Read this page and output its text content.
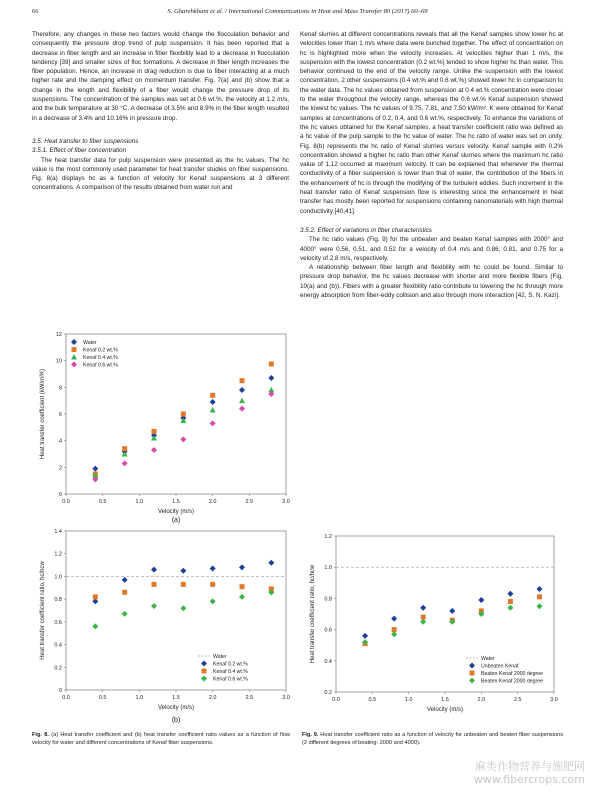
66	S. Gharehkhani et al. / International Communications in Heat and Mass Transfer 80 (2017) 60–69

Therefore, any changes in these two factors would change the flocculation behavior and consequently the pressure drop trend of pulp suspension. It has been reported that a decrease in fiber length and an increase in fiber flexibility lead to a decrease in flocculation tendency [39] and smaller sizes of floc formations. A decrease in fiber length increases the fiber population. Hence, an increase in drag reduction is due to fiber interacting at a much higher rate and the damping effect on momentum transfer. Fig. 7(a) and (b) show that a change in the length and flexibility of a fiber would change the pressure drop of its suspensions. The concentration of the samples was set at 0.6 wt.%, the velocity at 1.2 m/s, and the bulk temperature at 30 °C. A decrease of 3.5% and 8.9% in the fiber length resulted in a decrease of 3.4% and 10.16% in pressure drop.

3.5. Heat transfer to fiber suspensions

3.5.1. Effect of fiber concentration

The heat transfer data for pulp suspension were presented as the hc values. The hc value is the most commonly used parameter for heat transfer studies on fiber suspensions. Fig. 8(a) displays hc as a function of velocity for Kenaf suspensions at 3 different concentrations. A comparison of the results obtained from water run and

Kenaf slurries at different concentrations reveals that all the Kenaf samples show lower hc at velocities lower than 1 m/s where data were bunched together. The effect of concentration on hc is highlighted more when the velocity increases. At velocities higher than 1 m/s, the suspension with the lowest concentration (0.2 wt.%) tended to show higher hc than water. This behavior continued to the end of the velocity range. Unlike the suspension with the lowest concentration, 2 other suspensions (0.4 wt.% and 0.6 wt.%) showed lower hc in comparison to the water data. The hc values obtained from suspension at 0.4 wt.% concentration were closer to the water throughout the velocity range, whereas the 0.6 wt.% Kenaf suspension showed the lowest hc values. The hc values of 9.75, 7.81, and 7.50 kW/m². K were obtained for Kenaf samples at concentrations of 0.2, 0.4, and 0.6 wt.%, respectively. To enhance the variations of the hc values obtained for the Kenaf samples, a heat transfer coefficient ratio was defined as a hc value of the pulp sample to the hc value of water. The hc ratio of water was set on unity. Fig. 8(b) represents the hc ratio of Kenaf slurries versus velocity. Kenaf sample with 0.2% concentration showed a higher hc ratio than other Kenaf slurries where the maximum hc ratio value of 1.12 occurred at maximum velocity. It can be explained that whenever the thermal conductivity of a fiber suspension is lower than that of water, the contribution of the fibers in the enhancement of hc is through the modifying of the turbulent eddies. Such increment in the heat transfer ratio of Kenaf suspension flow is interesting since the enhancement in heat transfer has mostly been reported for suspensions containing nanomaterials with high thermal conductivity [40,41].

3.5.2. Effect of variations in fiber characteristics

The hc ratio values (Fig. 9) for the unbeaten and beaten Kenaf samples with 2000° and 4000° were 0.56, 0.51, and 0.52 for a velocity of 0.4 m/s and 0.86, 0.81, and 0.75 for a velocity of 2.8 m/s, respectively.

A relationship between fiber length and flexibility with hc could be found. Similar to pressure drop behavior, the hc values decrease with shorter and more flexible fibers (Fig. 10(a) and (b)). Fibers with a greater flexibility ratio contribute to lowering the hc through more energy absorption from fiber-eddy collision and also through more interaction [42, S. N. Kazi].

0.0	0.5	1.0	1.5	2.0	2.5	3.0
0
2
4
6
8
10
12
Velocity (m/s)
Heat transfer coefficient (kW/m²K)
Water
Kenaf 0.2 wt.%
Kenaf 0.4 wt.%
Kenaf 0.6 wt.%
(a)
0.0	0.5	1.0	1.5	2.0	2.5	3.0
0
0.2
0.4
0.6
0.8
1.0
1.2
1.4
Velocity (m/s)
Heat transfer coefficient ratio, hc/hcw	Water
Kenaf 0.2 wt.%
Kenaf 0.4 wt.%
Kenaf 0.6 wt.%
(b)
0.0	0.5	1.0	1.5	2.0	2.5	3.0
0.2
0.4
0.6
0.8
1.0
1.2
Velocity (m/s)
Heat transfer coefficient ratio, hc/hcw	Water
Unbeaten Kenaf
Beaten Kenaf 2000 degree
Beaten Kenaf 2000 degree
Fig. 8. (a) Heat transfer coefficient and (b) heat transfer coefficient ratio values as a function of flow velocity for water and different concentrations of Kenaf fiber suspensions.
Fig. 9. Heat transfer coefficient ratio as a function of velocity for unbeaten and beaten fiber suspensions (2 different degrees of beating: 2000 and 4000).
麻类作物营养与施肥网
www.fibercrops.com
